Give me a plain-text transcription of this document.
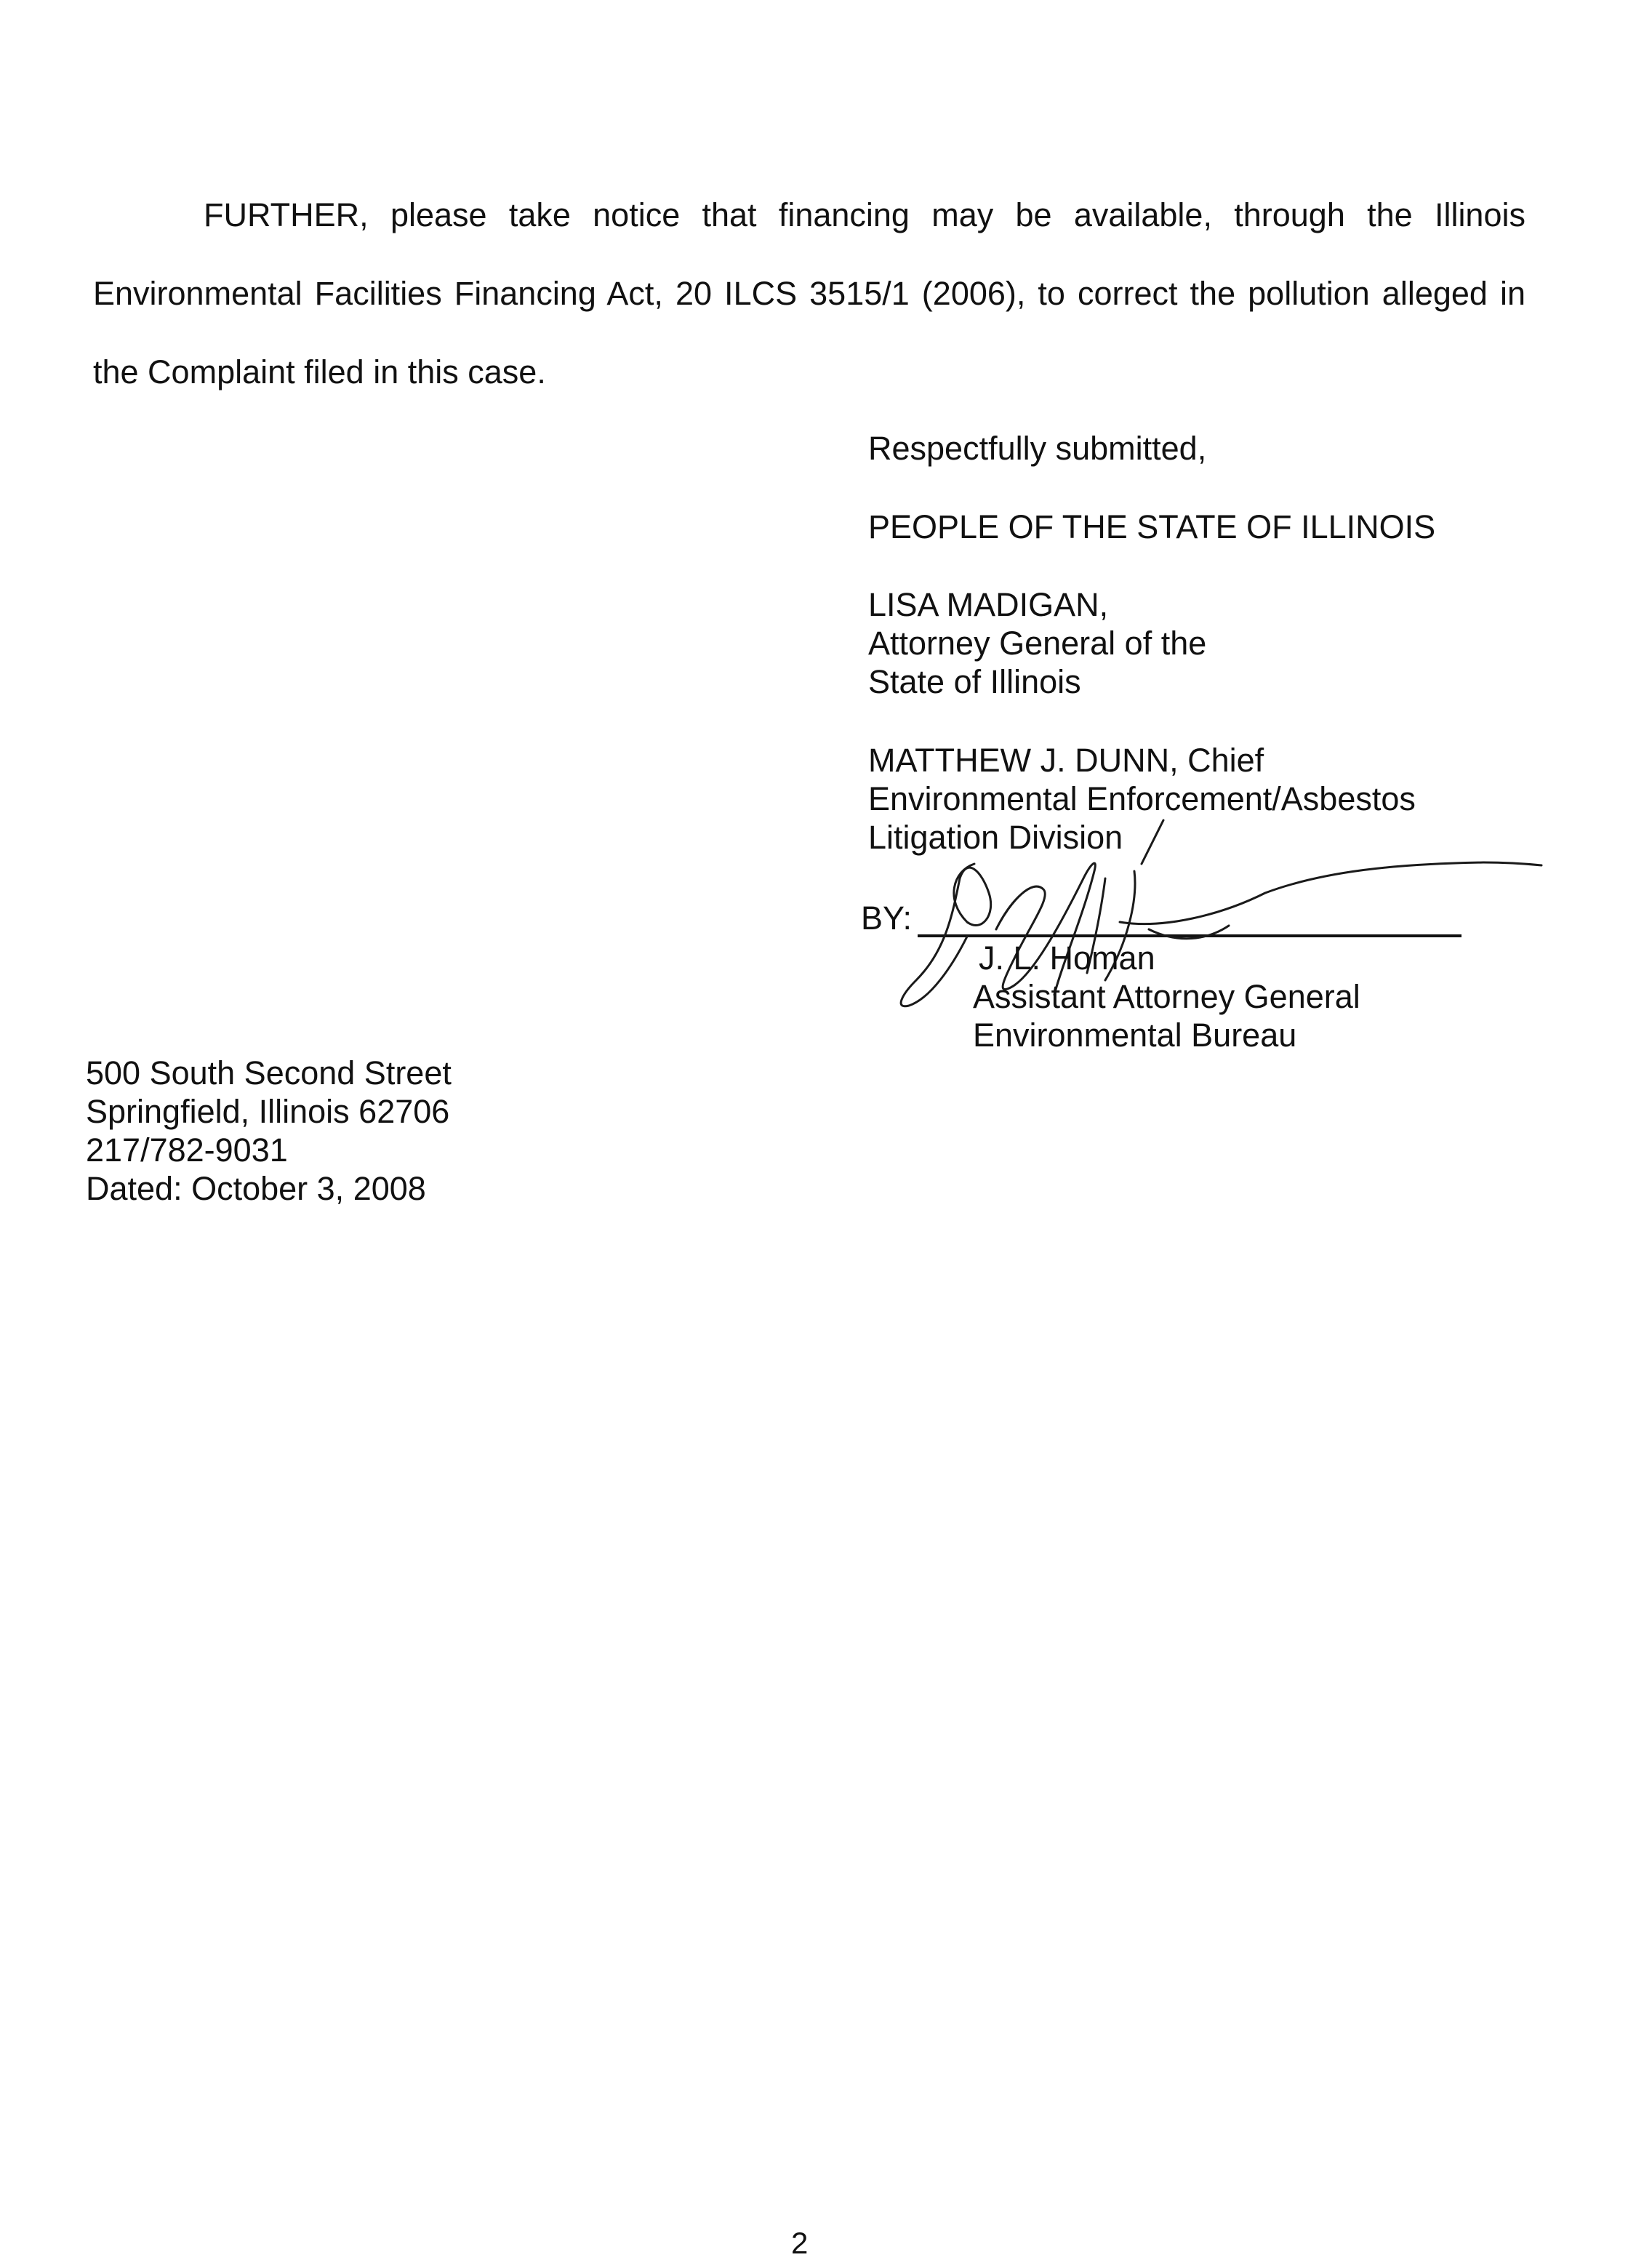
FURTHER, please take notice that financing may be available, through the Illinois
Environmental Facilities Financing Act, 20 ILCS 3515/1 (2006), to correct the pollution alleged in
the Complaint filed in this case.
Respectfully submitted,
PEOPLE OF THE STATE OF ILLINOIS
LISA MADIGAN,
Attorney General of the
State of Illinois
MATTHEW J. DUNN, Chief
Environmental Enforcement/Asbestos
Litigation Division
BY:
J. L. Homan
Assistant Attorney General
Environmental Bureau
500 South Second Street
Springfield, Illinois 62706
217/782-9031
Dated: October 3, 2008
2
